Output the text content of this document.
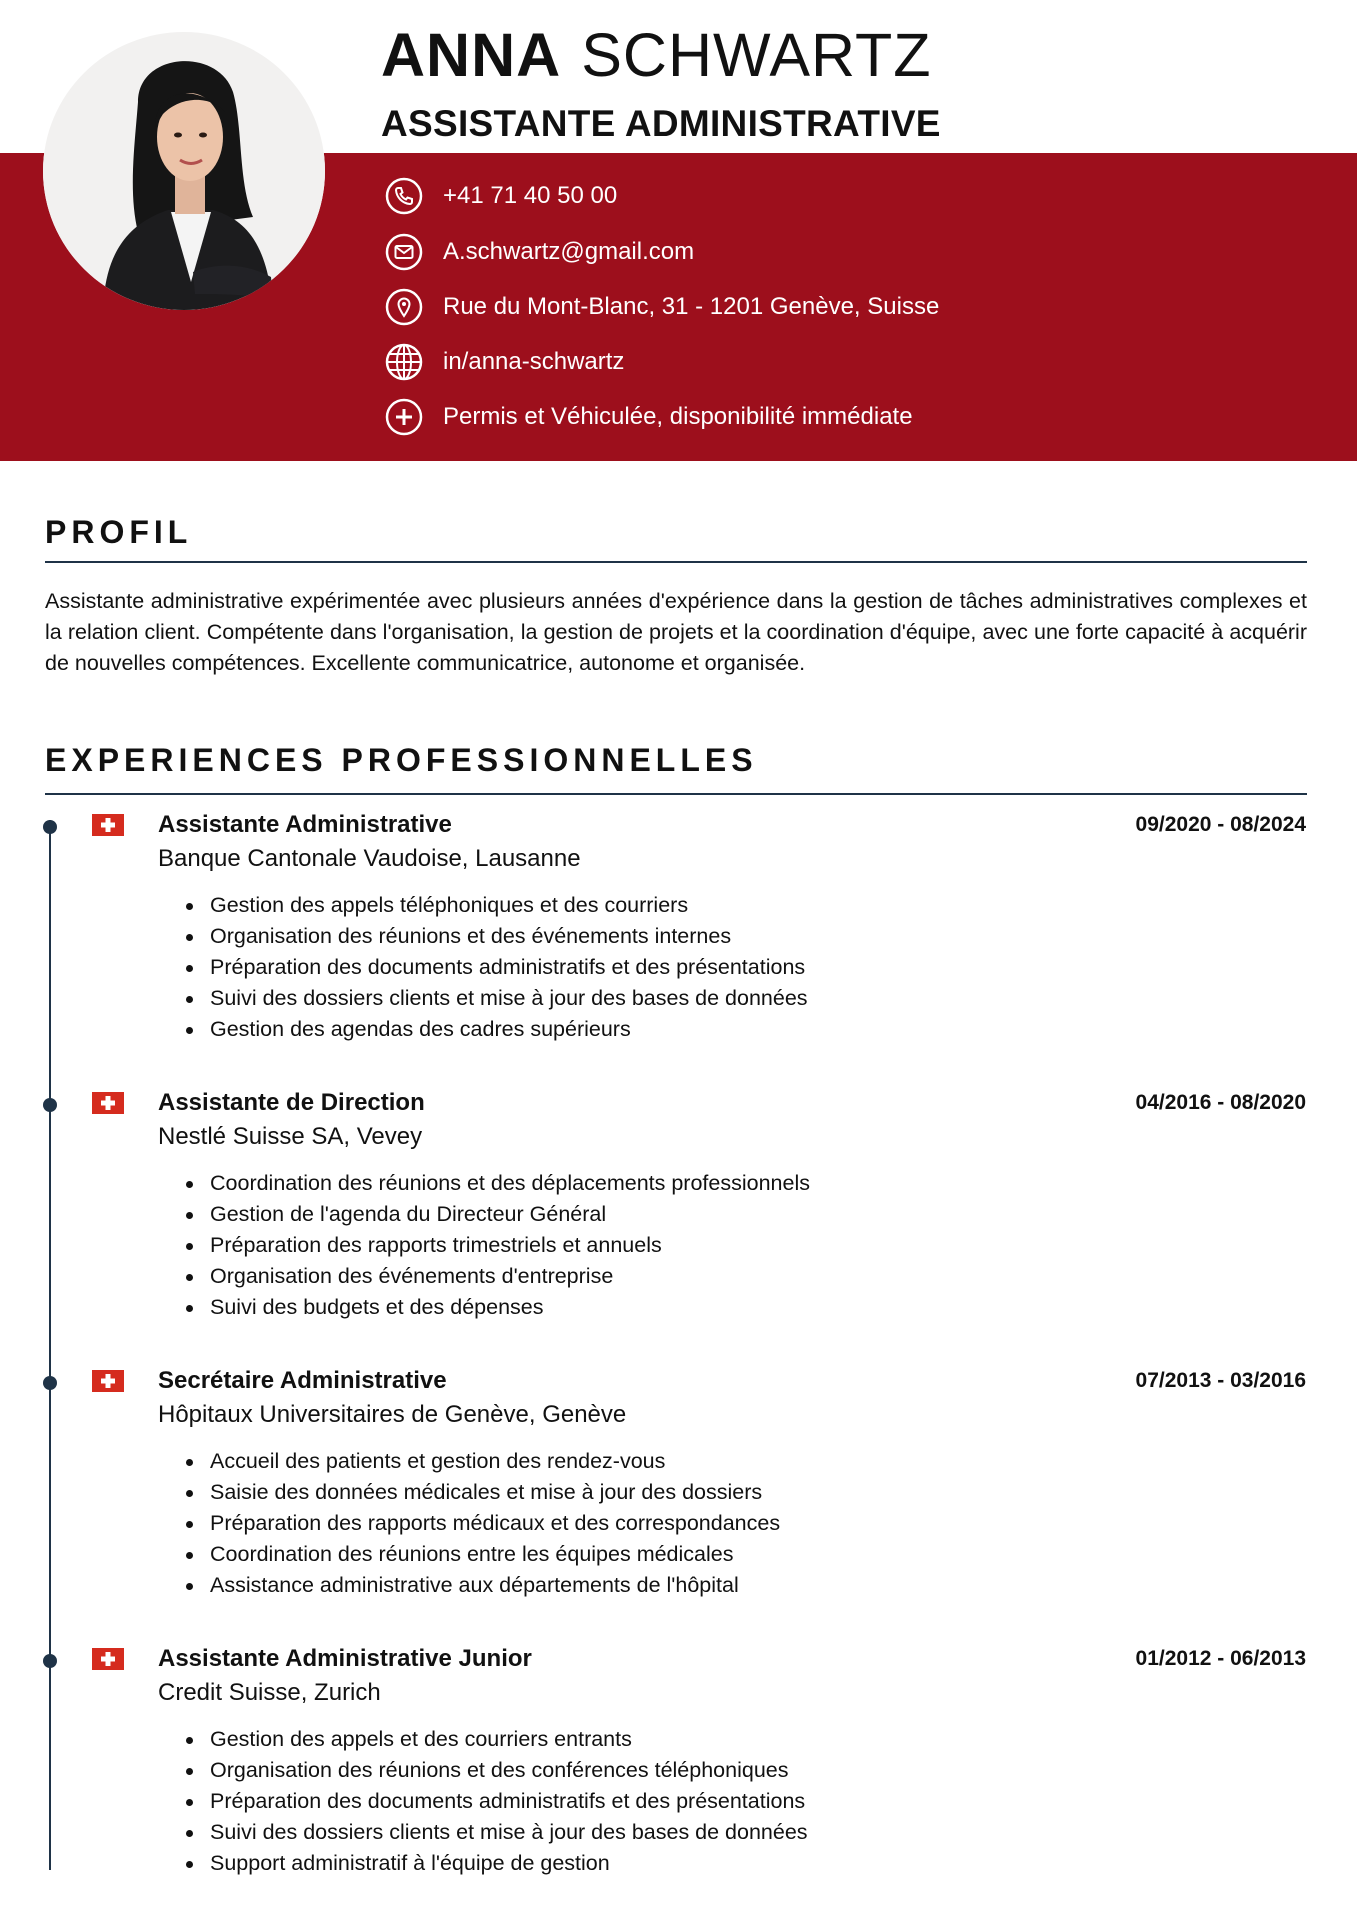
ANNA SCHWARTZ
ASSISTANTE ADMINISTRATIVE
+41 71 40 50 00
A.schwartz@gmail.com
Rue du Mont-Blanc, 31 - 1201 Genève, Suisse
in/anna-schwartz
Permis et Véhiculée, disponibilité immédiate
PROFIL
Assistante administrative expérimentée avec plusieurs années d'expérience dans la gestion de tâches administratives complexes et la relation client. Compétente dans l'organisation, la gestion de projets et la coordination d'équipe, avec une forte capacité à acquérir de nouvelles compétences. Excellente communicatrice, autonome et organisée.
EXPERIENCES PROFESSIONNELLES
Assistante Administrative	09/2020 - 08/2024
Banque Cantonale Vaudoise, Lausanne
Gestion des appels téléphoniques et des courriers
Organisation des réunions et des événements internes
Préparation des documents administratifs et des présentations
Suivi des dossiers clients et mise à jour des bases de données
Gestion des agendas des cadres supérieurs
Assistante de Direction	04/2016 - 08/2020
Nestlé Suisse SA, Vevey
Coordination des réunions et des déplacements professionnels
Gestion de l'agenda du Directeur Général
Préparation des rapports trimestriels et annuels
Organisation des événements d'entreprise
Suivi des budgets et des dépenses
Secrétaire Administrative	07/2013 - 03/2016
Hôpitaux Universitaires de Genève, Genève
Accueil des patients et gestion des rendez-vous
Saisie des données médicales et mise à jour des dossiers
Préparation des rapports médicaux et des correspondances
Coordination des réunions entre les équipes médicales
Assistance administrative aux départements de l'hôpital
Assistante Administrative Junior	01/2012 - 06/2013
Credit Suisse, Zurich
Gestion des appels et des courriers entrants
Organisation des réunions et des conférences téléphoniques
Préparation des documents administratifs et des présentations
Suivi des dossiers clients et mise à jour des bases de données
Support administratif à l'équipe de gestion
